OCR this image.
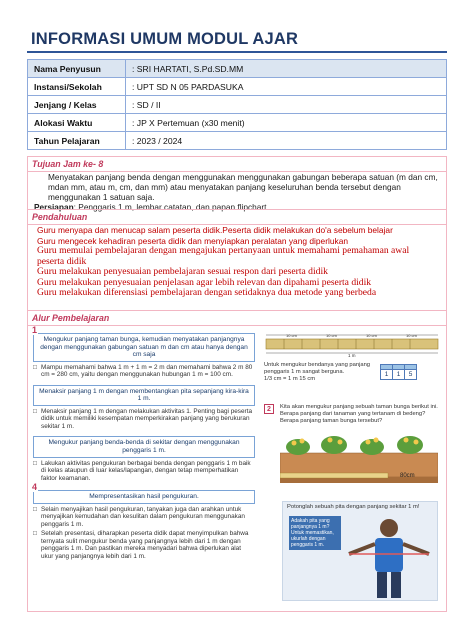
INFORMASI UMUM MODUL AJAR
Nama Penyusun	: SRI HARTATI, S.Pd.SD.MM
Instansi/Sekolah	: UPT SD N 05 PARDASUKA
Jenjang / Kelas	: SD / II
Alokasi Waktu	: JP X Pertemuan (x30 menit)
Tahun Pelajaran	: 2023 / 2024
Tujuan Jam ke- 8
Menyatakan panjang benda dengan menggunakan menggunakan gabungan beberapa satuan (m dan cm, mdan mm, atau m, cm, dan mm) atau menyatakan panjang keseluruhan benda tersebut dengan menggunakan 1 satuan saja.
Persiapan: Penggaris 1 m, lembar catatan, dan papan flipchart.
Pendahuluan
Guru menyapa dan menucap salam peserta didik.Peserta didik melakukan do'a sebelum belajar
Guru mengecek kehadiran peserta didik dan menyiapkan peralatan yang diperlukan
Guru memulai pembelajaran dengan mengajukan pertanyaan untuk memahami pemahaman awal
peserta didik
Guru melakukan penyesuaian pembelajaran sesuai respon dari peserta didik
Guru melakukan penyesuaian penjelasan agar lebih relevan dan dipahami peserta didik
Guru melakukan diferensiasi pembelajaran dengan setidaknya dua metode yang berbeda
Alur Pembelajaran
1
Mengukur panjang taman bunga, kemudian menyatakan panjangnya dengan menggunakan gabungan satuan m dan cm atau hanya dengan cm saja
□ Mampu memahami bahwa 1 m + 1 m = 2 m dan memahami bahwa 2 m 80 cm = 280 cm, yaitu dengan menggunakan hubungan 1 m = 100 cm.
Menaksir panjang 1 m dengan membentangkan pita sepanjang kira-kira 1 m.
□ Menaksir panjang 1 m dengan melakukan aktivitas 1. Penting bagi peserta didik untuk memiliki kesempatan memperkirakan panjang yang berukuran sekitar 1 m.
Mengukur panjang benda-benda di sekitar dengan menggunakan penggaris 1 m.
□ Lakukan aktivitas pengukuran berbagai benda dengan penggaris 1 m baik di kelas ataupun di luar kelas/lapangan, dengan tetap memperhatikan faktor keamanan.
4
Mempresentasikan hasil pengukuran.
□ Selain menyajikan hasil pengukuran, tanyakan juga dan arahkan untuk menyajikan kemudahan dan kesulitan dalam pengukuran menggunakan penggaris 1 m.
□ Setelah presentasi, diharapkan peserta didik dapat menyimpulkan bahwa ternyata sulit mengukur benda yang panjangnya lebih dari 1 m dengan penggaris 1 m. Dan pastikan mereka menyadari bahwa diperlukan alat ukur yang panjangnya lebih dari 1 m.
10 cm	10 cm	10 cm	10 cm
1 m
Untuk mengukur bendanya yang panjang
penggaris 1 m sangat berguna.
1/3 cm = 1 m 15 cm

1	1	5
2	Kita akan mengukur panjang sebuah taman bunga berikut ini.
Berapa panjang dari tanaman yang tertanam di bedeng?
Berapa panjang taman bunga tersebut?
80cm
Potonglah sebuah pita dengan panjang sekitar 1 m!
Adakah pita yang panjangnya 1 m? Untuk memastikan, ukurlah dengan penggaris 1 m.
